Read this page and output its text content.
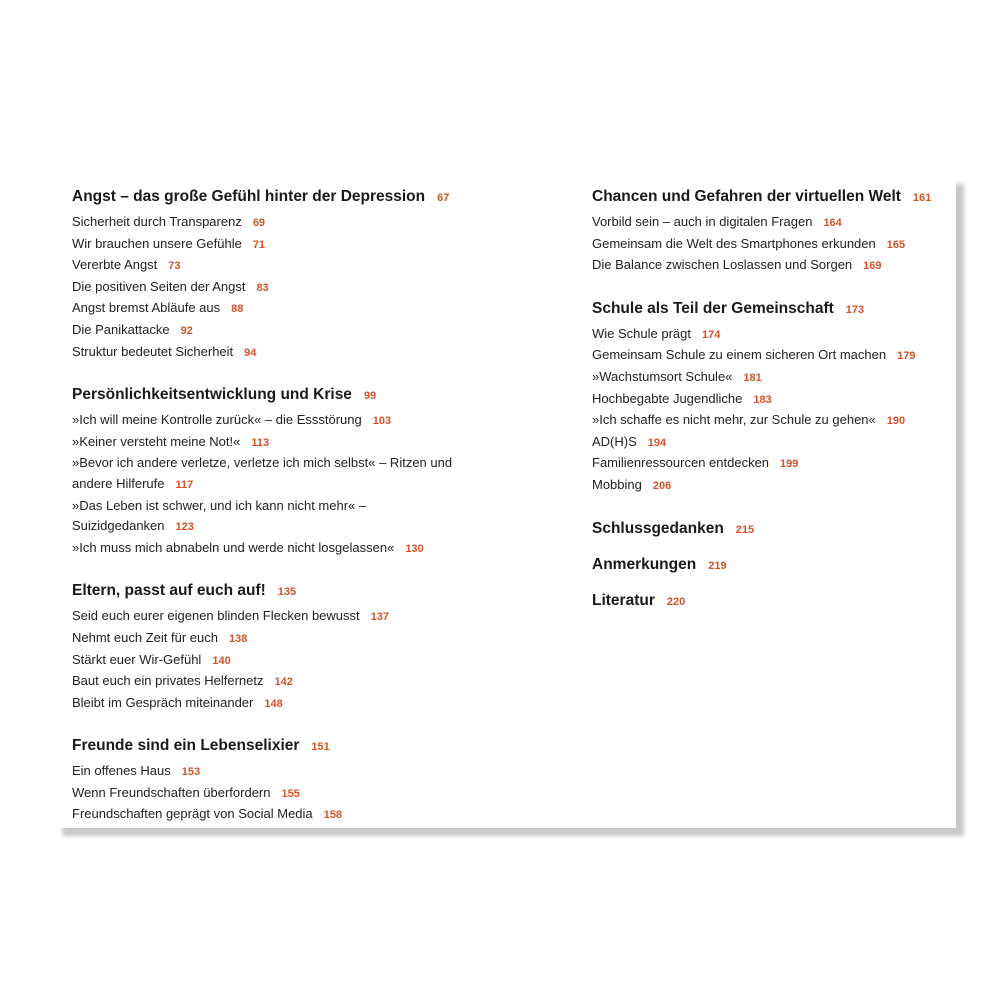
Angst – das große Gefühl hinter der Depression 67
Sicherheit durch Transparenz 69
Wir brauchen unsere Gefühle 71
Vererbte Angst 73
Die positiven Seiten der Angst 83
Angst bremst Abläufe aus 88
Die Panikattacke 92
Struktur bedeutet Sicherheit 94
Persönlichkeitsentwicklung und Krise 99
»Ich will meine Kontrolle zurück« – die Essstörung 103
»Keiner versteht meine Not!« 113
»Bevor ich andere verletze, verletze ich mich selbst« – Ritzen und
andere Hilferufe 117
»Das Leben ist schwer, und ich kann nicht mehr« –
Suizidgedanken 123
»Ich muss mich abnabeln und werde nicht losgelassen« 130
Eltern, passt auf euch auf! 135
Seid euch eurer eigenen blinden Flecken bewusst 137
Nehmt euch Zeit für euch 138
Stärkt euer Wir-Gefühl 140
Baut euch ein privates Helfernetz 142
Bleibt im Gespräch miteinander 148
Freunde sind ein Lebenselixier 151
Ein offenes Haus 153
Wenn Freundschaften überfordern 155
Freundschaften geprägt von Social Media 158
Chancen und Gefahren der virtuellen Welt 161
Vorbild sein – auch in digitalen Fragen 164
Gemeinsam die Welt des Smartphones erkunden 165
Die Balance zwischen Loslassen und Sorgen 169
Schule als Teil der Gemeinschaft 173
Wie Schule prägt 174
Gemeinsam Schule zu einem sicheren Ort machen 179
»Wachstumsort Schule« 181
Hochbegabte Jugendliche 183
»Ich schaffe es nicht mehr, zur Schule zu gehen« 190
AD(H)S 194
Familienressourcen entdecken 199
Mobbing 206
Schlussgedanken 215
Anmerkungen 219
Literatur 220
